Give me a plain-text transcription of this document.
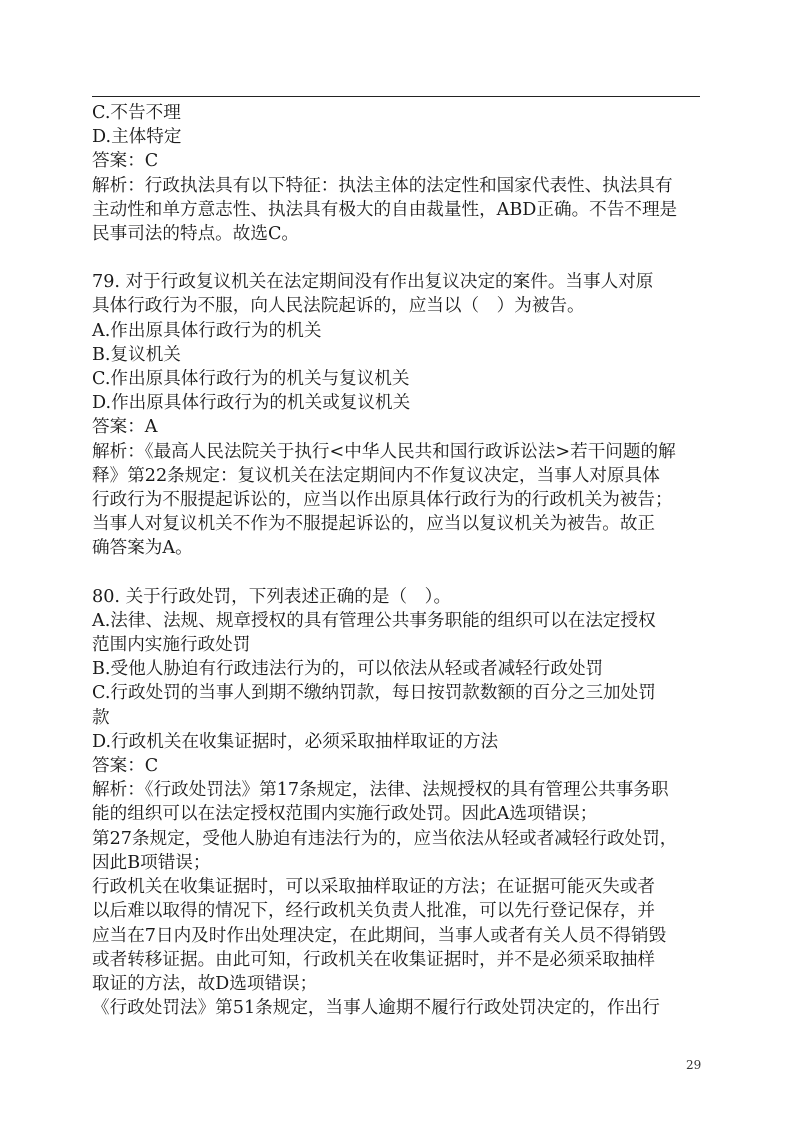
C.不告不理
D.主体特定
答案：C
解析：行政执法具有以下特征：执法主体的法定性和国家代表性、执法具有
主动性和单方意志性、执法具有极大的自由裁量性，ABD正确。不告不理是
民事司法的特点。故选C。
79. 对于行政复议机关在法定期间没有作出复议决定的案件。当事人对原
具体行政行为不服，向人民法院起诉的，应当以（　）为被告。
A.作出原具体行政行为的机关
B.复议机关
C.作出原具体行政行为的机关与复议机关
D.作出原具体行政行为的机关或复议机关
答案：A
解析：《最高人民法院关于执行<中华人民共和国行政诉讼法>若干问题的解
释》第22条规定：复议机关在法定期间内不作复议决定，当事人对原具体
行政行为不服提起诉讼的，应当以作出原具体行政行为的行政机关为被告；
当事人对复议机关不作为不服提起诉讼的，应当以复议机关为被告。故正
确答案为A。
80. 关于行政处罚，下列表述正确的是（　）。
A.法律、法规、规章授权的具有管理公共事务职能的组织可以在法定授权
范围内实施行政处罚
B.受他人胁迫有行政违法行为的，可以依法从轻或者减轻行政处罚
C.行政处罚的当事人到期不缴纳罚款，每日按罚款数额的百分之三加处罚
款
D.行政机关在收集证据时，必须采取抽样取证的方法
答案：C
解析：《行政处罚法》第17条规定，法律、法规授权的具有管理公共事务职
能的组织可以在法定授权范围内实施行政处罚。因此A选项错误；
第27条规定，受他人胁迫有违法行为的，应当依法从轻或者减轻行政处罚，
因此B项错误；
行政机关在收集证据时，可以采取抽样取证的方法；在证据可能灭失或者
以后难以取得的情况下，经行政机关负责人批准，可以先行登记保存，并
应当在7日内及时作出处理决定，在此期间，当事人或者有关人员不得销毁
或者转移证据。由此可知，行政机关在收集证据时，并不是必须采取抽样
取证的方法，故D选项错误；
《行政处罚法》第51条规定，当事人逾期不履行行政处罚决定的，作出行
29
